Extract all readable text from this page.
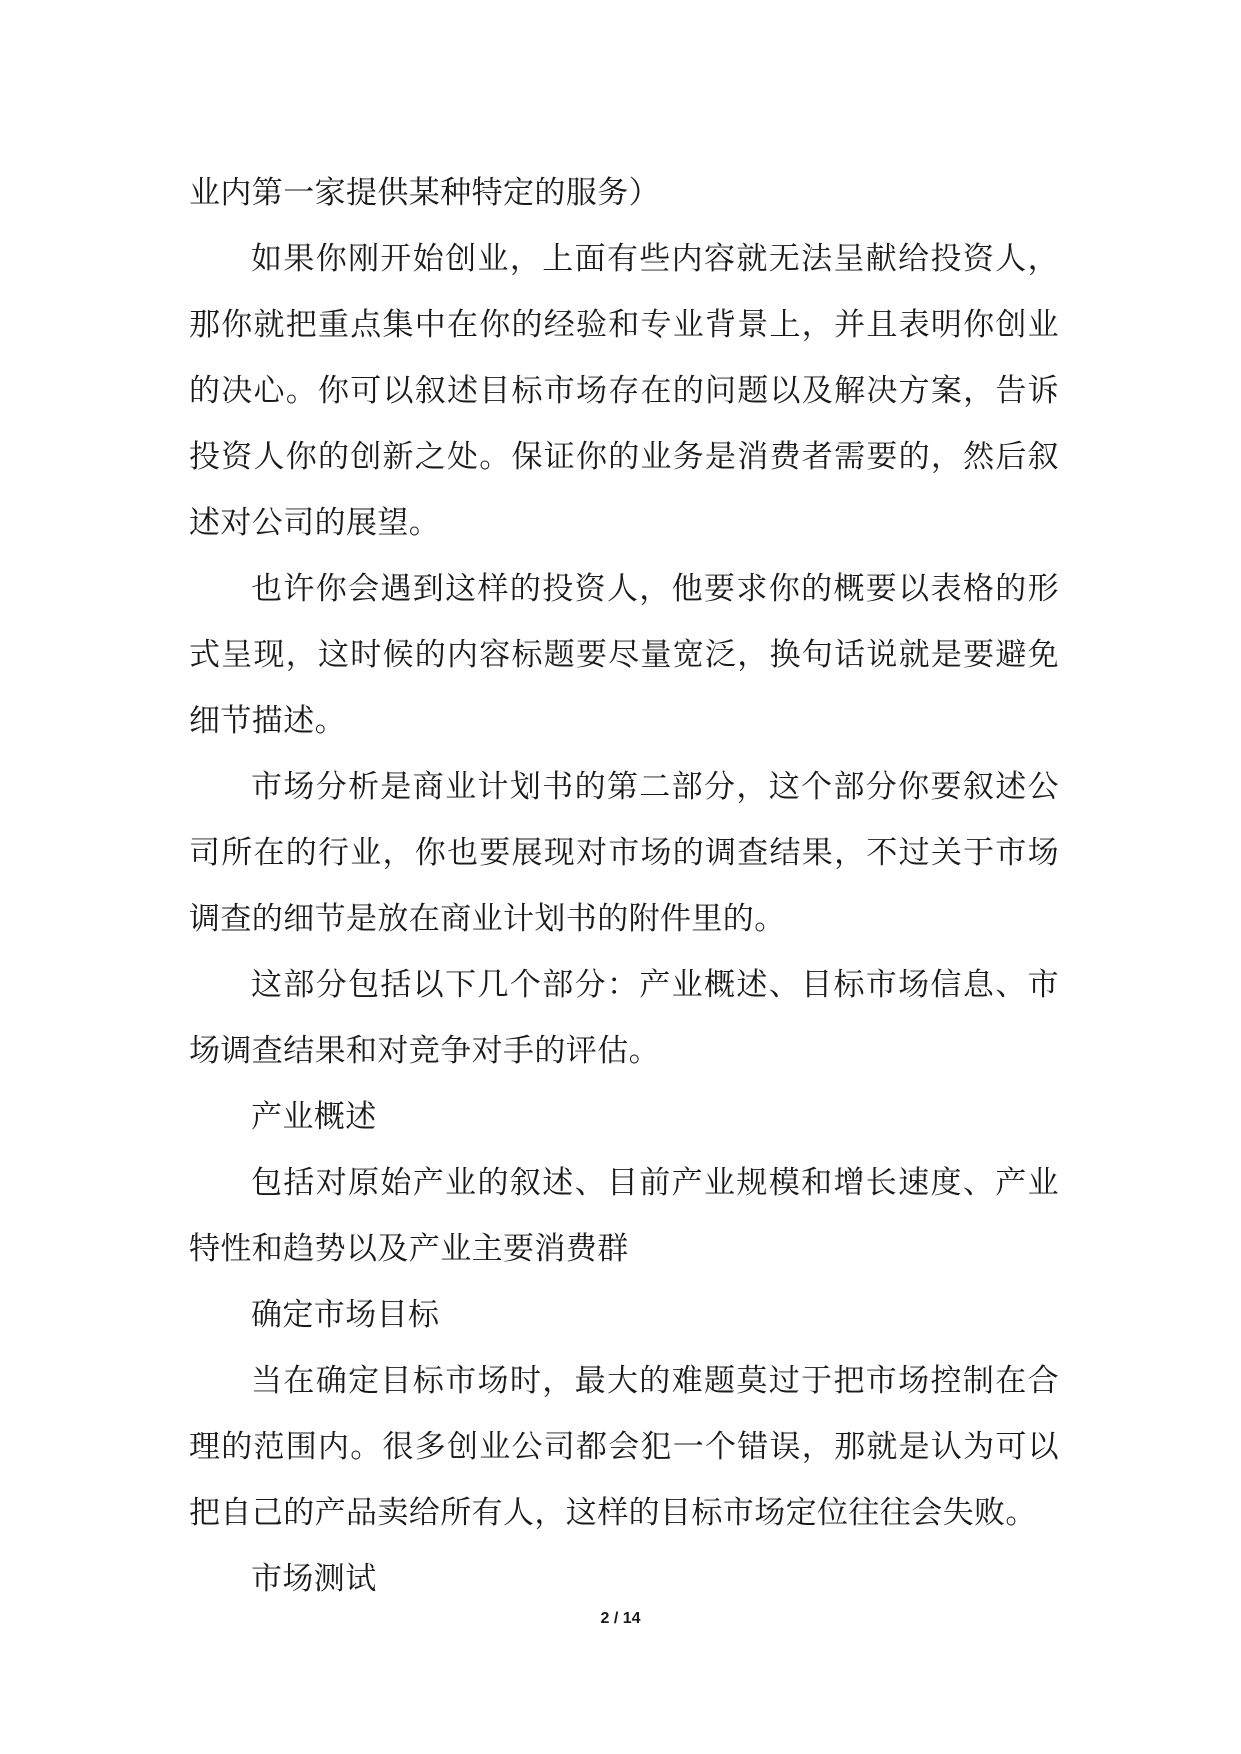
业内第一家提供某种特定的服务）

如果你刚开始创业，上面有些内容就无法呈献给投资人，那你就把重点集中在你的经验和专业背景上，并且表明你创业的决心。你可以叙述目标市场存在的问题以及解决方案，告诉投资人你的创新之处。保证你的业务是消费者需要的，然后叙述对公司的展望。

也许你会遇到这样的投资人，他要求你的概要以表格的形式呈现，这时候的内容标题要尽量宽泛，换句话说就是要避免细节描述。

市场分析是商业计划书的第二部分，这个部分你要叙述公司所在的行业，你也要展现对市场的调查结果，不过关于市场调查的细节是放在商业计划书的附件里的。

这部分包括以下几个部分：产业概述、目标市场信息、市场调查结果和对竞争对手的评估。

产业概述

包括对原始产业的叙述、目前产业规模和增长速度、产业特性和趋势以及产业主要消费群

确定市场目标

当在确定目标市场时，最大的难题莫过于把市场控制在合理的范围内。很多创业公司都会犯一个错误，那就是认为可以把自己的产品卖给所有人，这样的目标市场定位往往会失败。

市场测试

2 / 14
